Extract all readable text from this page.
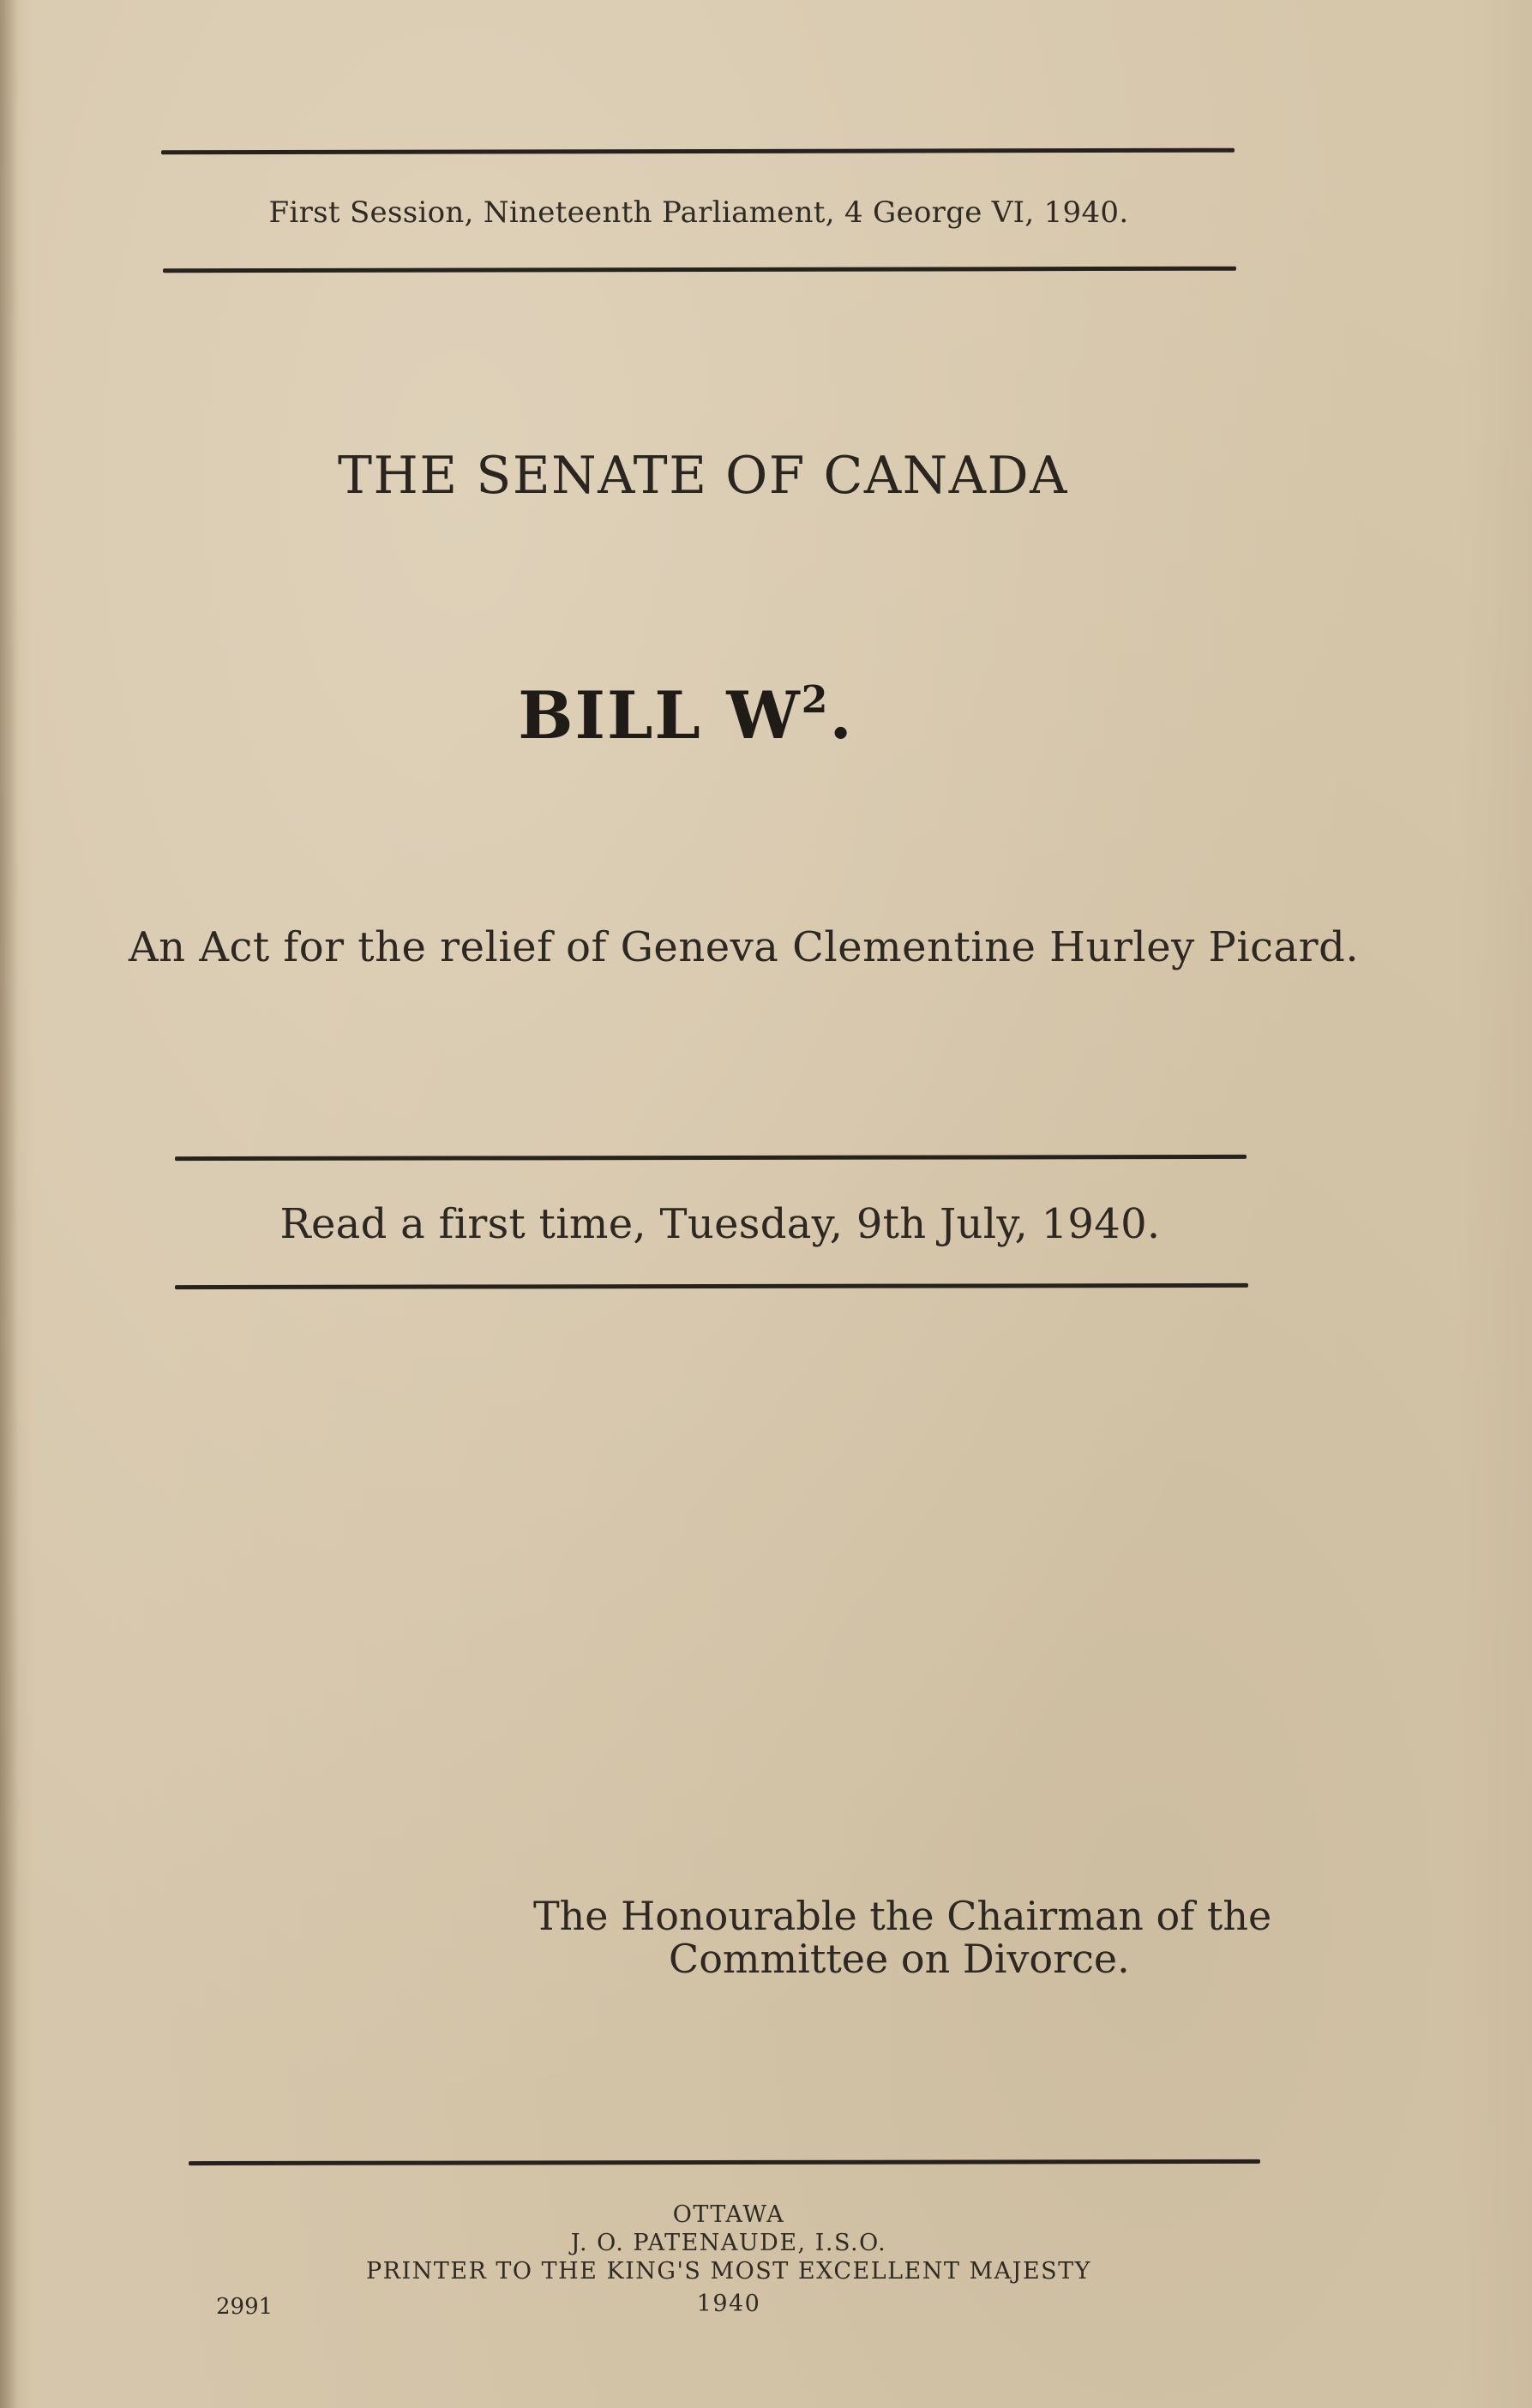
First Session, Nineteenth Parliament, 4 George VI, 1940.
THE SENATE OF CANADA
BILL $W^2$.
An Act for the relief of Geneva Clementine Hurley Picard.
Read a first time, Tuesday, 9th July, 1940.
The Honourable the Chairman of the
Committee on Divorce.
OTTAWA
J. O. PATENAUDE, I.S.O.
PRINTER TO THE KING'S MOST EXCELLENT MAJESTY
1940
2991
